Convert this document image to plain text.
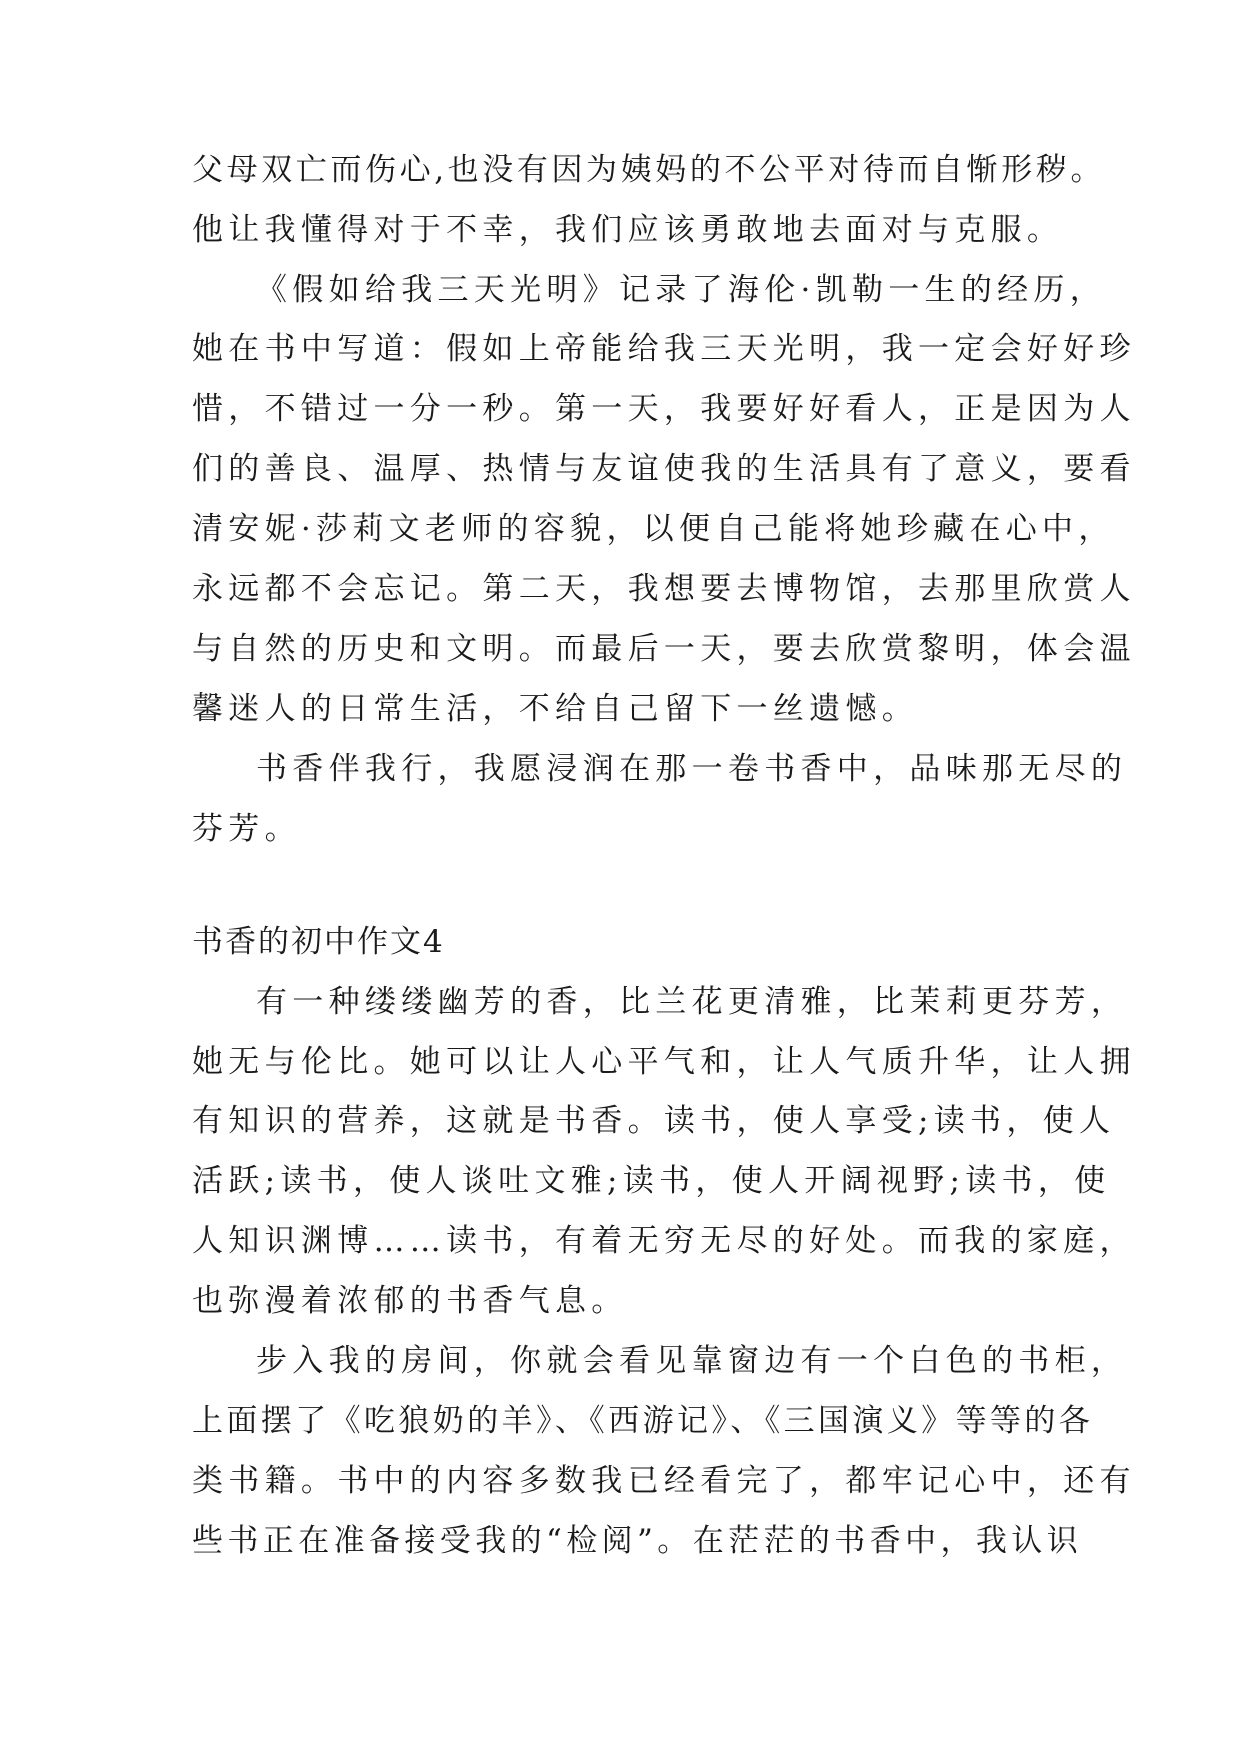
父母双亡而伤心,也没有因为姨妈的不公平对待而自惭形秽。
他让我懂得对于不幸，我们应该勇敢地去面对与克服。
《假如给我三天光明》记录了海伦·凯勒一生的经历，
她在书中写道：假如上帝能给我三天光明，我一定会好好珍
惜，不错过一分一秒。第一天，我要好好看人，正是因为人
们的善良、温厚、热情与友谊使我的生活具有了意义，要看
清安妮·莎莉文老师的容貌，以便自己能将她珍藏在心中，
永远都不会忘记。第二天，我想要去博物馆，去那里欣赏人
与自然的历史和文明。而最后一天，要去欣赏黎明，体会温
馨迷人的日常生活，不给自己留下一丝遗憾。
书香伴我行，我愿浸润在那一卷书香中，品味那无尽的
芬芳。
书香的初中作文4
有一种缕缕幽芳的香，比兰花更清雅，比茉莉更芬芳，
她无与伦比。她可以让人心平气和，让人气质升华，让人拥
有知识的营养，这就是书香。读书，使人享受;读书，使人
活跃;读书，使人谈吐文雅;读书，使人开阔视野;读书，使
人知识渊博……读书，有着无穷无尽的好处。而我的家庭，
也弥漫着浓郁的书香气息。
步入我的房间，你就会看见靠窗边有一个白色的书柜，
上面摆了《吃狼奶的羊》、《西游记》、《三国演义》等等的各
类书籍。书中的内容多数我已经看完了，都牢记心中，还有
些书正在准备接受我的“检阅”。在茫茫的书香中，我认识
